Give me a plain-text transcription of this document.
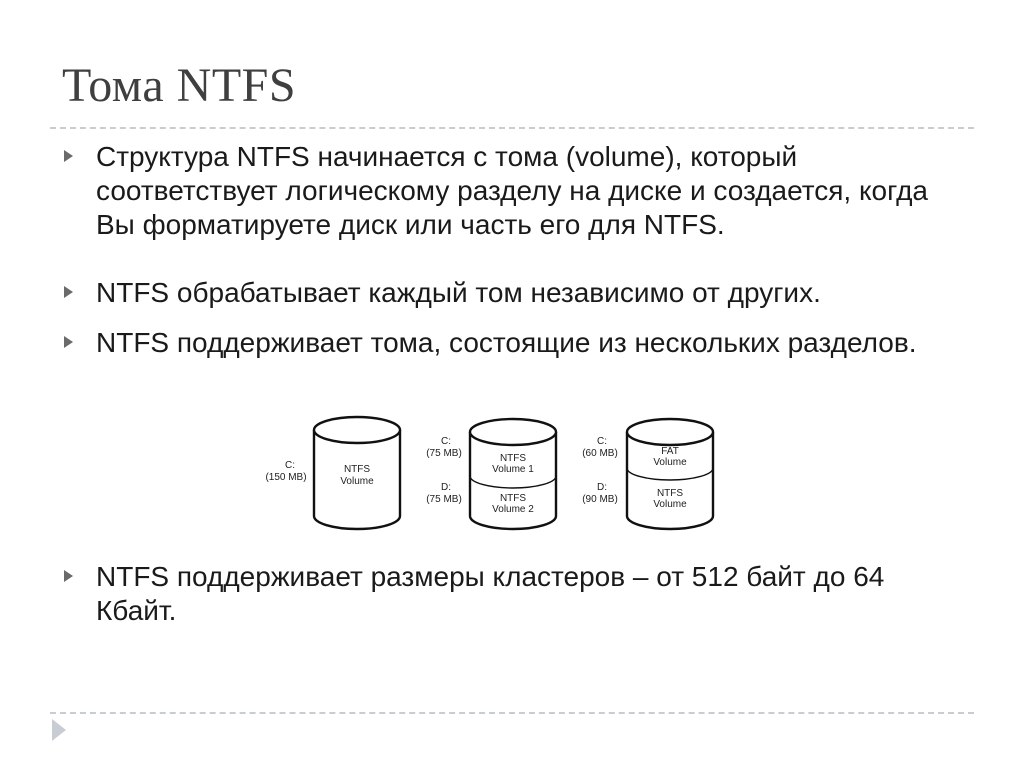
Тома NTFS
Структура NTFS начинается с тома (volume), который соответствует логическому разделу на диске и создается, когда Вы форматируете диск или часть его для NTFS.
NTFS обрабатывает каждый том независимо от других.
NTFS поддерживает тома, состоящие из нескольких разделов.
NTFS
Volume
C:
(150 MB)
NTFS
Volume 1
NTFS
Volume 2
C:
(75 MB)
D:
(75 MB)
FAT
Volume
NTFS
Volume
C:
(60 MB)
D:
(90 MB)
NTFS поддерживает размеры кластеров – от 512 байт до 64 Кбайт.
